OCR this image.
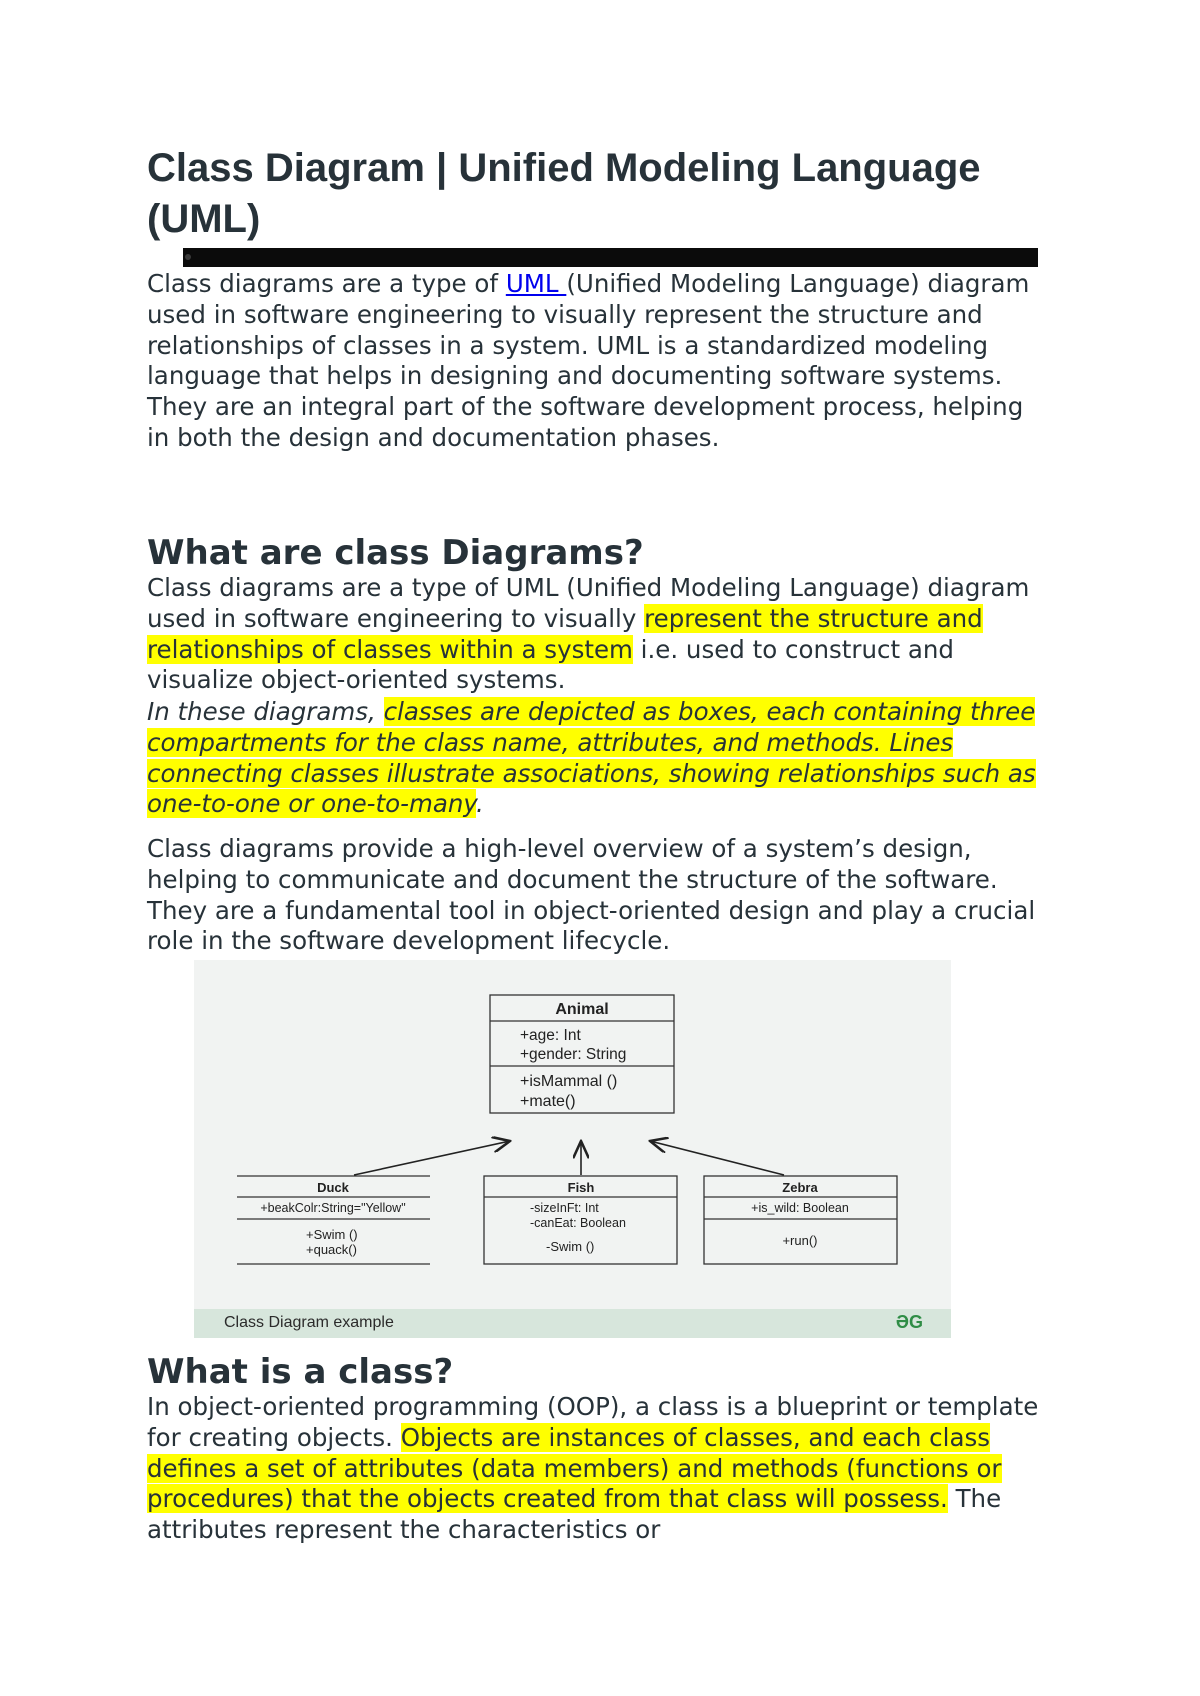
Class Diagram | Unified Modeling Language (UML)

Class diagrams are a type of UML (Unified Modeling Language) diagram used in software engineering to visually represent the structure and relationships of classes in a system. UML is a standardized modeling language that helps in designing and documenting software systems. They are an integral part of the software development process, helping in both the design and documentation phases.

What are class Diagrams?

Class diagrams are a type of UML (Unified Modeling Language) diagram used in software engineering to visually represent the structure and relationships of classes within a system i.e. used to construct and visualize object-oriented systems.

In these diagrams, classes are depicted as boxes, each containing three compartments for the class name, attributes, and methods. Lines connecting classes illustrate associations, showing relationships such as one-to-one or one-to-many.

Class diagrams provide a high-level overview of a system’s design, helping to communicate and document the structure of the software. They are a fundamental tool in object-oriented design and play a crucial role in the software development lifecycle.

Animal
+age: Int
+gender: String
+isMammal ()
+mate()
Duck
+beakColr:String="Yellow"
+Swim ()
+quack()
Fish
-sizeInFt: Int
-canEat: Boolean
-Swim ()
Zebra
+is_wild: Boolean
+run()
Class Diagram example	ƏG
What is a class?

In object-oriented programming (OOP), a class is a blueprint or template for creating objects. Objects are instances of classes, and each class defines a set of attributes (data members) and methods (functions or procedures) that the objects created from that class will possess. The attributes represent the characteristics or
